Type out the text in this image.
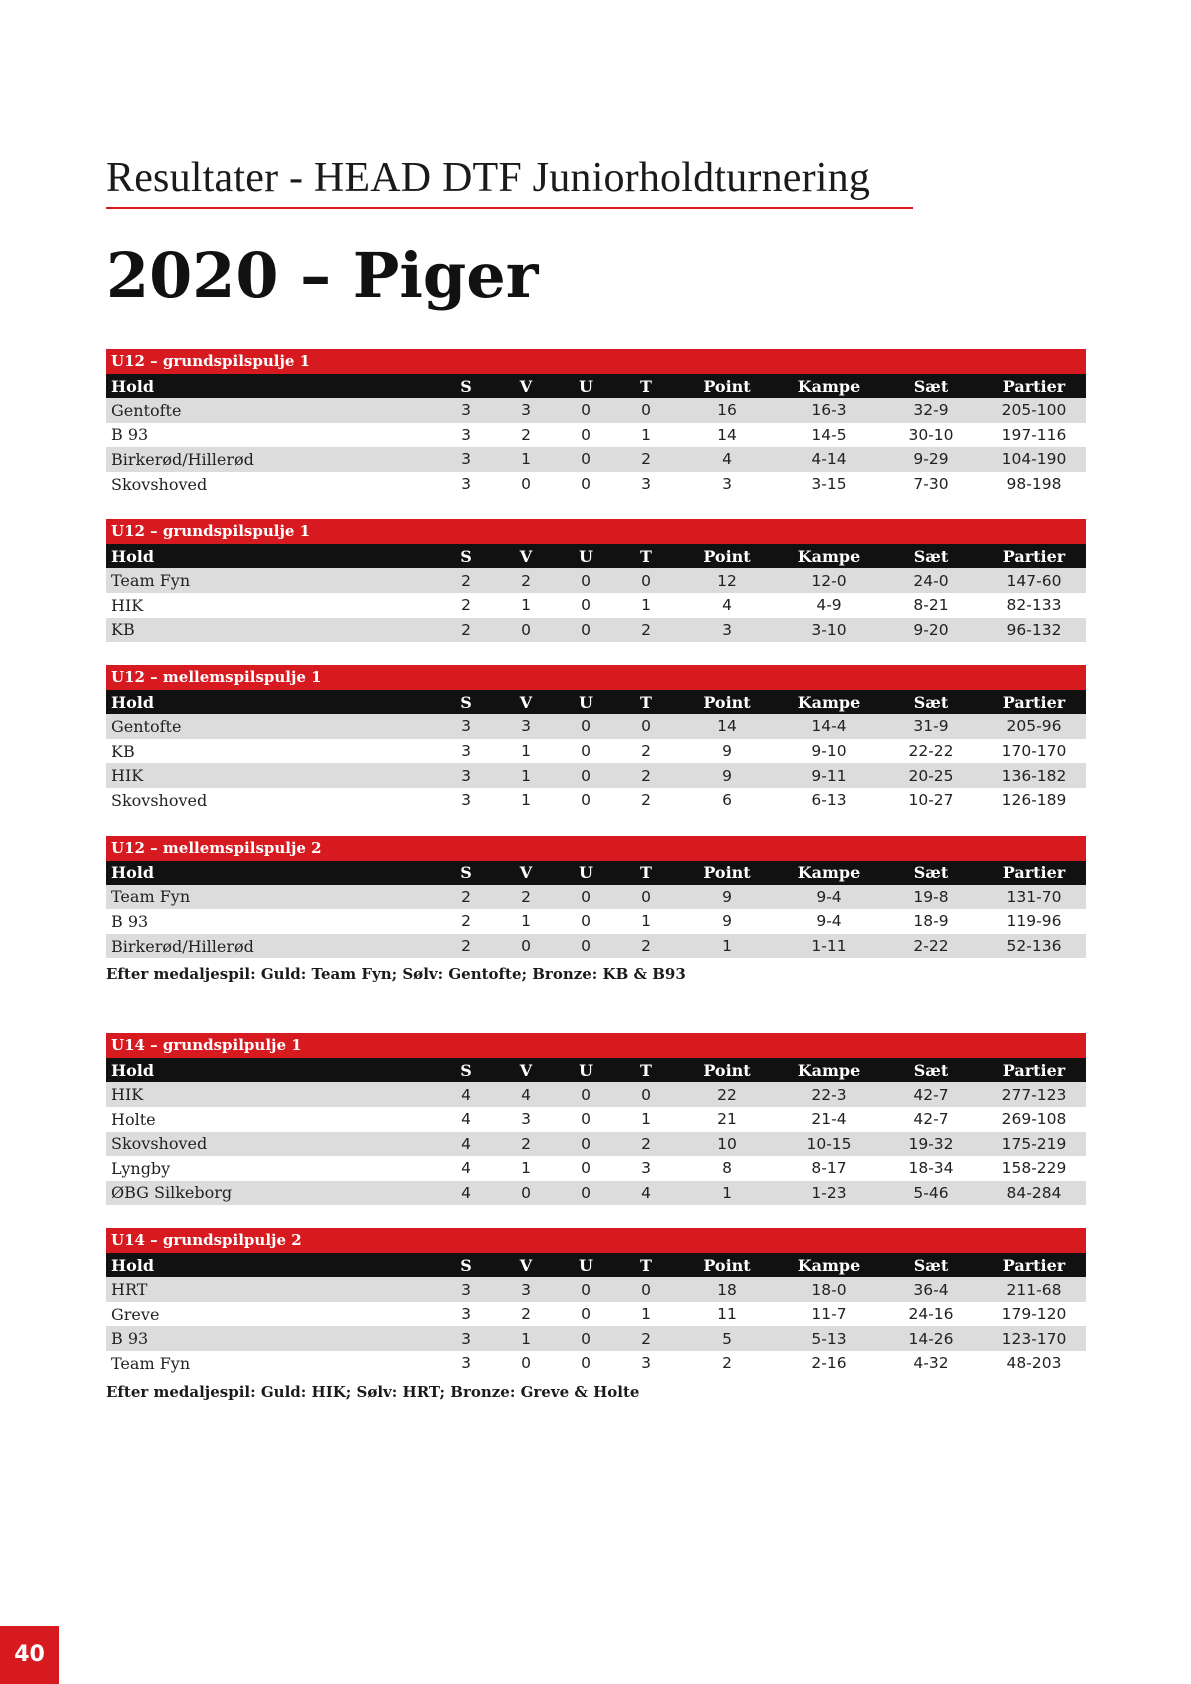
Resultater - HEAD DTF Juniorholdturnering
2020 – Piger
U12 – grundspilspulje 1
Hold	S	V	U	T	Point	Kampe	Sæt	Partier
Gentofte	3	3	0	0	16	16-3	32-9	205-100
B 93	3	2	0	1	14	14-5	30-10	197-116
Birkerød/Hillerød	3	1	0	2	4	4-14	9-29	104-190
Skovshoved	3	0	0	3	3	3-15	7-30	98-198
U12 – grundspilspulje 1
Hold	S	V	U	T	Point	Kampe	Sæt	Partier
Team Fyn	2	2	0	0	12	12-0	24-0	147-60
HIK	2	1	0	1	4	4-9	8-21	82-133
KB	2	0	0	2	3	3-10	9-20	96-132
U12 – mellemspilspulje 1
Hold	S	V	U	T	Point	Kampe	Sæt	Partier
Gentofte	3	3	0	0	14	14-4	31-9	205-96
KB	3	1	0	2	9	9-10	22-22	170-170
HIK	3	1	0	2	9	9-11	20-25	136-182
Skovshoved	3	1	0	2	6	6-13	10-27	126-189
U12 – mellemspilspulje 2
Hold	S	V	U	T	Point	Kampe	Sæt	Partier
Team Fyn	2	2	0	0	9	9-4	19-8	131-70
B 93	2	1	0	1	9	9-4	18-9	119-96
Birkerød/Hillerød	2	0	0	2	1	1-11	2-22	52-136
Efter medaljespil: Guld: Team Fyn; Sølv: Gentofte; Bronze: KB & B93
U14 – grundspilpulje 1
Hold	S	V	U	T	Point	Kampe	Sæt	Partier
HIK	4	4	0	0	22	22-3	42-7	277-123
Holte	4	3	0	1	21	21-4	42-7	269-108
Skovshoved	4	2	0	2	10	10-15	19-32	175-219
Lyngby	4	1	0	3	8	8-17	18-34	158-229
ØBG Silkeborg	4	0	0	4	1	1-23	5-46	84-284
U14 – grundspilpulje 2
Hold	S	V	U	T	Point	Kampe	Sæt	Partier
HRT	3	3	0	0	18	18-0	36-4	211-68
Greve	3	2	0	1	11	11-7	24-16	179-120
B 93	3	1	0	2	5	5-13	14-26	123-170
Team Fyn	3	0	0	3	2	2-16	4-32	48-203
Efter medaljespil: Guld: HIK; Sølv: HRT; Bronze: Greve & Holte
40
